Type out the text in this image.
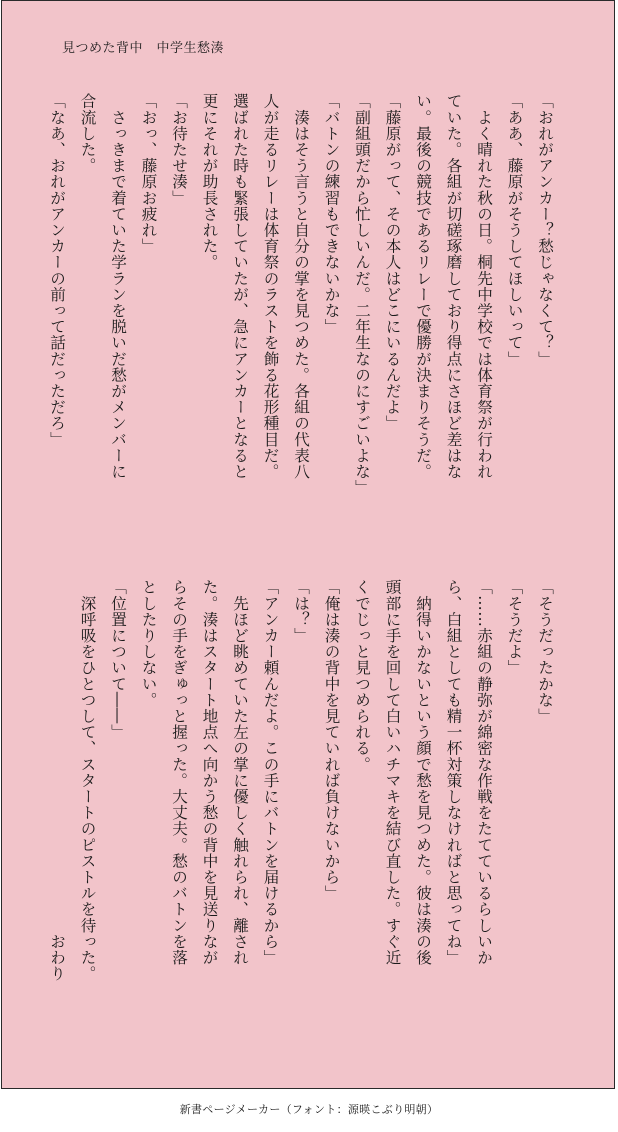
見つめた背中　中学生愁湊
「おれがアンカー？愁じゃなくて？」
「ああ、藤原がそうしてほしいって」
　よく晴れた秋の日。桐先中学校では体育祭が行われ
ていた。各組が切磋琢磨しており得点にさほど差はな
い。最後の競技であるリレーで優勝が決まりそうだ。
「藤原がって、その本人はどこにいるんだよ」
「副組頭だから忙しいんだ。二年生なのにすごいよな」
「バトンの練習もできないかな」
　湊はそう言うと自分の掌を見つめた。各組の代表八
人が走るリレーは体育祭のラストを飾る花形種目だ。
選ばれた時も緊張していたが、急にアンカーとなると
更にそれが助長された。
「お待たせ湊」
「おっ、藤原お疲れ」
　さっきまで着ていた学ランを脱いだ愁がメンバーに
合流した。
「なあ、おれがアンカーの前って話だっただろ」
「そうだったかな」
「そうだよ」
「……赤組の静弥が綿密な作戦をたてているらしいか
ら、白組としても精一杯対策しなければと思ってね」
　納得いかないという顔で愁を見つめた。彼は湊の後
頭部に手を回して白いハチマキを結び直した。すぐ近
くでじっと見つめられる。
「俺は湊の背中を見ていれば負けないから」
「は？」
「アンカー頼んだよ。この手にバトンを届けるから」
　先ほど眺めていた左の掌に優しく触れられ、離され
た。湊はスタート地点へ向かう愁の背中を見送りなが
らその手をぎゅっと握った。大丈夫。愁のバトンを落
としたりしない。
「位置について――」
　深呼吸をひとつして、スタートのピストルを待った。
　　　　　　　　　　　　　　　　　　　　　　おわり
新書ページメーカー（フォント：源暎こぶり明朝）
